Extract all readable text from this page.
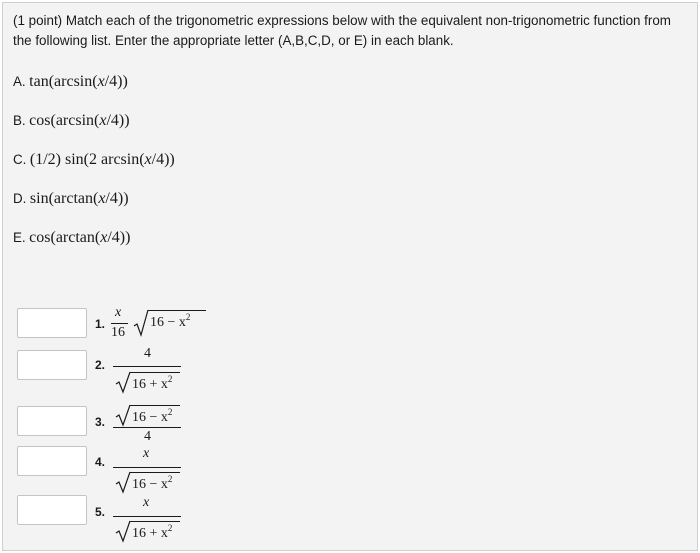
(1 point) Match each of the trigonometric expressions below with the equivalent non-trigonometric function from the following list. Enter the appropriate letter (A,B,C,D, or E) in each blank.
A. tan(arcsin(x/4))
B. cos(arcsin(x/4))
C. (1/2) sin(2 arcsin(x/4))
D. sin(arctan(x/4))
E. cos(arctan(x/4))
1.
2.
3.
4.
5.
x
16
$16 - x^2$
4
$16 + x^2$
$16 - x^2$
4
x
$16 - x^2$
x
$16 + x^2$
